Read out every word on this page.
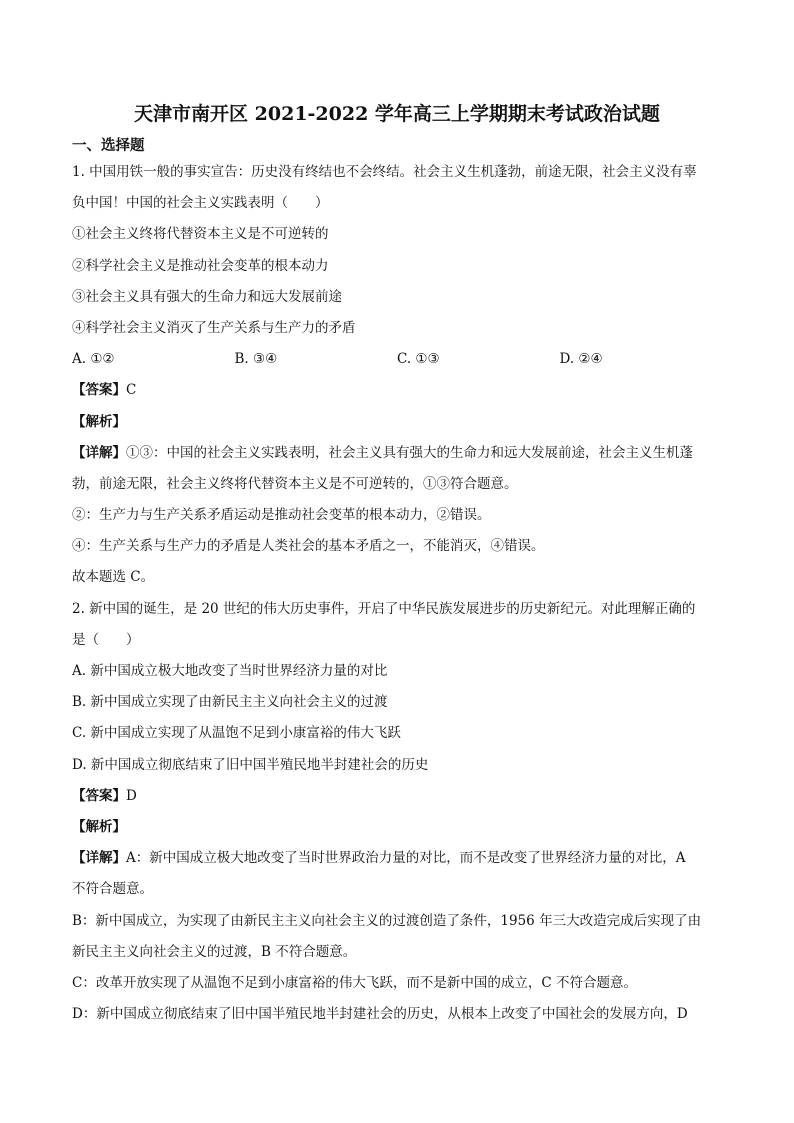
天津市南开区 2021-2022 学年高三上学期期末考试政治试题
一、选择题
1. 中国用铁一般的事实宣告：历史没有终结也不会终结。社会主义生机蓬勃，前途无限，社会主义没有辜
负中国！中国的社会主义实践表明（　　）
①社会主义终将代替资本主义是不可逆转的
②科学社会主义是推动社会变革的根本动力
③社会主义具有强大的生命力和远大发展前途
④科学社会主义消灭了生产关系与生产力的矛盾
A. ①②	B. ③④	C. ①③	D. ②④
【答案】C
【解析】
【详解】①③：中国的社会主义实践表明，社会主义具有强大的生命力和远大发展前途，社会主义生机蓬
勃，前途无限，社会主义终将代替资本主义是不可逆转的，①③符合题意。
②：生产力与生产关系矛盾运动是推动社会变革的根本动力，②错误。
④：生产关系与生产力的矛盾是人类社会的基本矛盾之一，不能消灭，④错误。
故本题选 C。
2. 新中国的诞生，是 20 世纪的伟大历史事件，开启了中华民族发展进步的历史新纪元。对此理解正确的
是（　　）
A. 新中国成立极大地改变了当时世界经济力量的对比
B. 新中国成立实现了由新民主主义向社会主义的过渡
C. 新中国成立实现了从温饱不足到小康富裕的伟大飞跃
D. 新中国成立彻底结束了旧中国半殖民地半封建社会的历史
【答案】D
【解析】
【详解】A：新中国成立极大地改变了当时世界政治力量的对比，而不是改变了世界经济力量的对比，A
不符合题意。
B：新中国成立，为实现了由新民主主义向社会主义的过渡创造了条件，1956 年三大改造完成后实现了由
新民主主义向社会主义的过渡，B 不符合题意。
C：改革开放实现了从温饱不足到小康富裕的伟大飞跃，而不是新中国的成立，C 不符合题意。
D：新中国成立彻底结束了旧中国半殖民地半封建社会的历史，从根本上改变了中国社会的发展方向，D
